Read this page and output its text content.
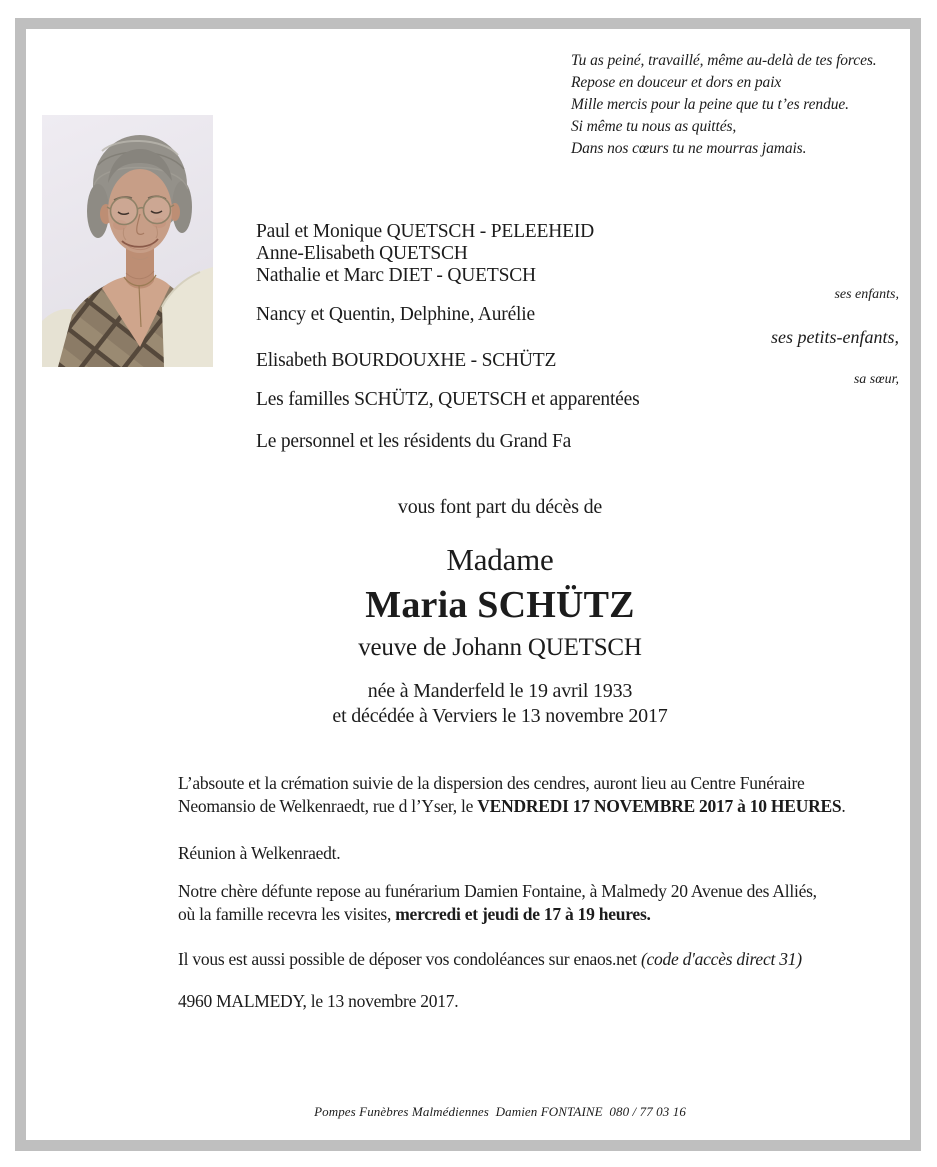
Tu as peiné, travaillé, même au-delà de tes forces.
Repose en douceur et dors en paix
Mille mercis pour la peine que tu t’es rendue.
Si même tu nous as quittés,
Dans nos cœurs tu ne mourras jamais.
Paul et Monique QUETSCH - PELEEHEID
Anne-Elisabeth QUETSCH
Nathalie et Marc DIET - QUETSCH
ses enfants,
Nancy et Quentin, Delphine, Aurélie
ses petits-enfants,
Elisabeth BOURDOUXHE - SCHÜTZ
sa sœur,
Les familles SCHÜTZ, QUETSCH et apparentées
Le personnel et les résidents du Grand Fa
vous font part du décès de
Madame
Maria SCHÜTZ
veuve de Johann QUETSCH
née à Manderfeld le 19 avril 1933
et décédée à Verviers le 13 novembre 2017
L’absoute et la crémation suivie de la dispersion des cendres, auront lieu au Centre Funéraire
Neomansio de Welkenraedt, rue d l’Yser, le VENDREDI 17 NOVEMBRE 2017 à 10 HEURES.
Réunion à Welkenraedt.
Notre chère défunte repose au funérarium Damien Fontaine, à Malmedy 20 Avenue des Alliés,
où la famille recevra les visites, mercredi et jeudi de 17 à 19 heures.
Il vous est aussi possible de déposer vos condoléances sur enaos.net (code d'accès direct 31)
4960 MALMEDY, le 13 novembre 2017.
Pompes Funèbres Malmédiennes  Damien FONTAINE  080 / 77 03 16
